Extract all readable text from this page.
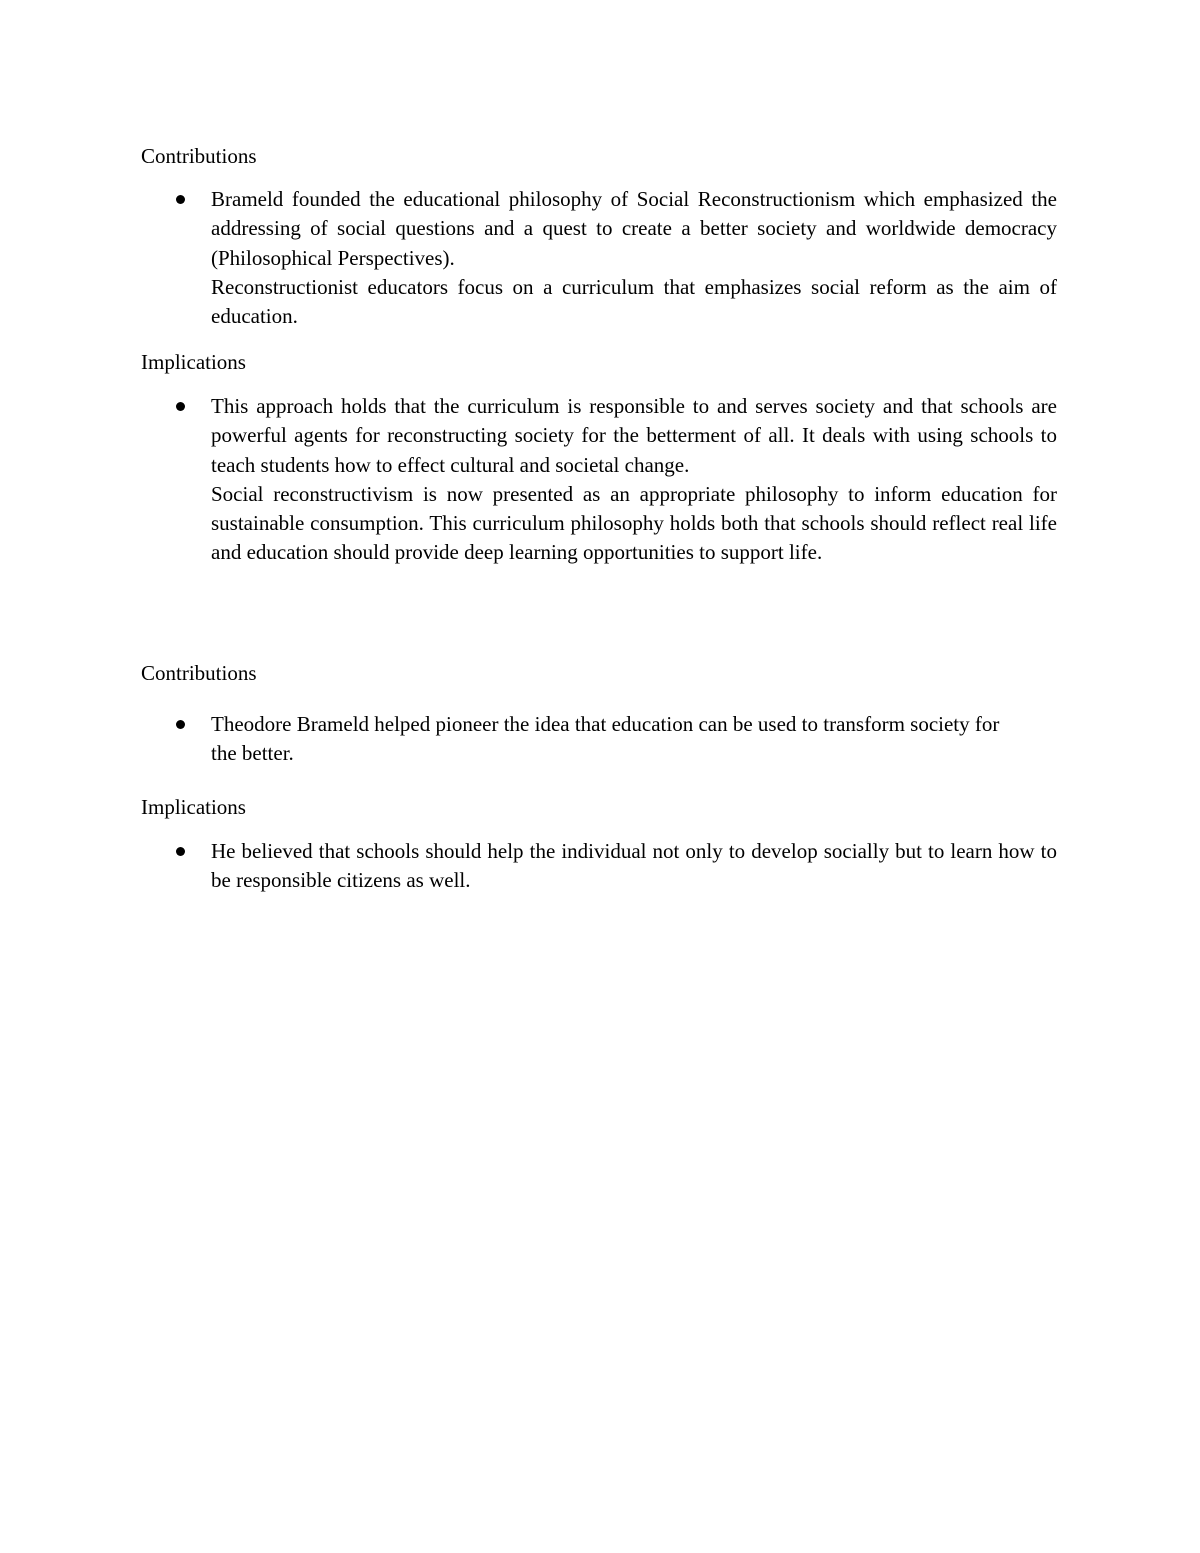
Contributions

Brameld founded the educational philosophy of Social Reconstructionism which emphasized the addressing of social questions and a quest to create a better society and worldwide democracy (Philosophical Perspectives).

Reconstructionist educators focus on a curriculum that emphasizes social reform as the aim of education.

Implications

This approach holds that the curriculum is responsible to and serves society and that schools are powerful agents for reconstructing society for the betterment of all. It deals with using schools to teach students how to effect cultural and societal change.

Social reconstructivism is now presented as an appropriate philosophy to inform education for sustainable consumption. This curriculum philosophy holds both that schools should reflect real life and education should provide deep learning opportunities to support life.

Contributions

Theodore Brameld helped pioneer the idea that education can be used to transform society for the better.

Implications

He believed that schools should help the individual not only to develop socially but to learn how to be responsible citizens as well.
